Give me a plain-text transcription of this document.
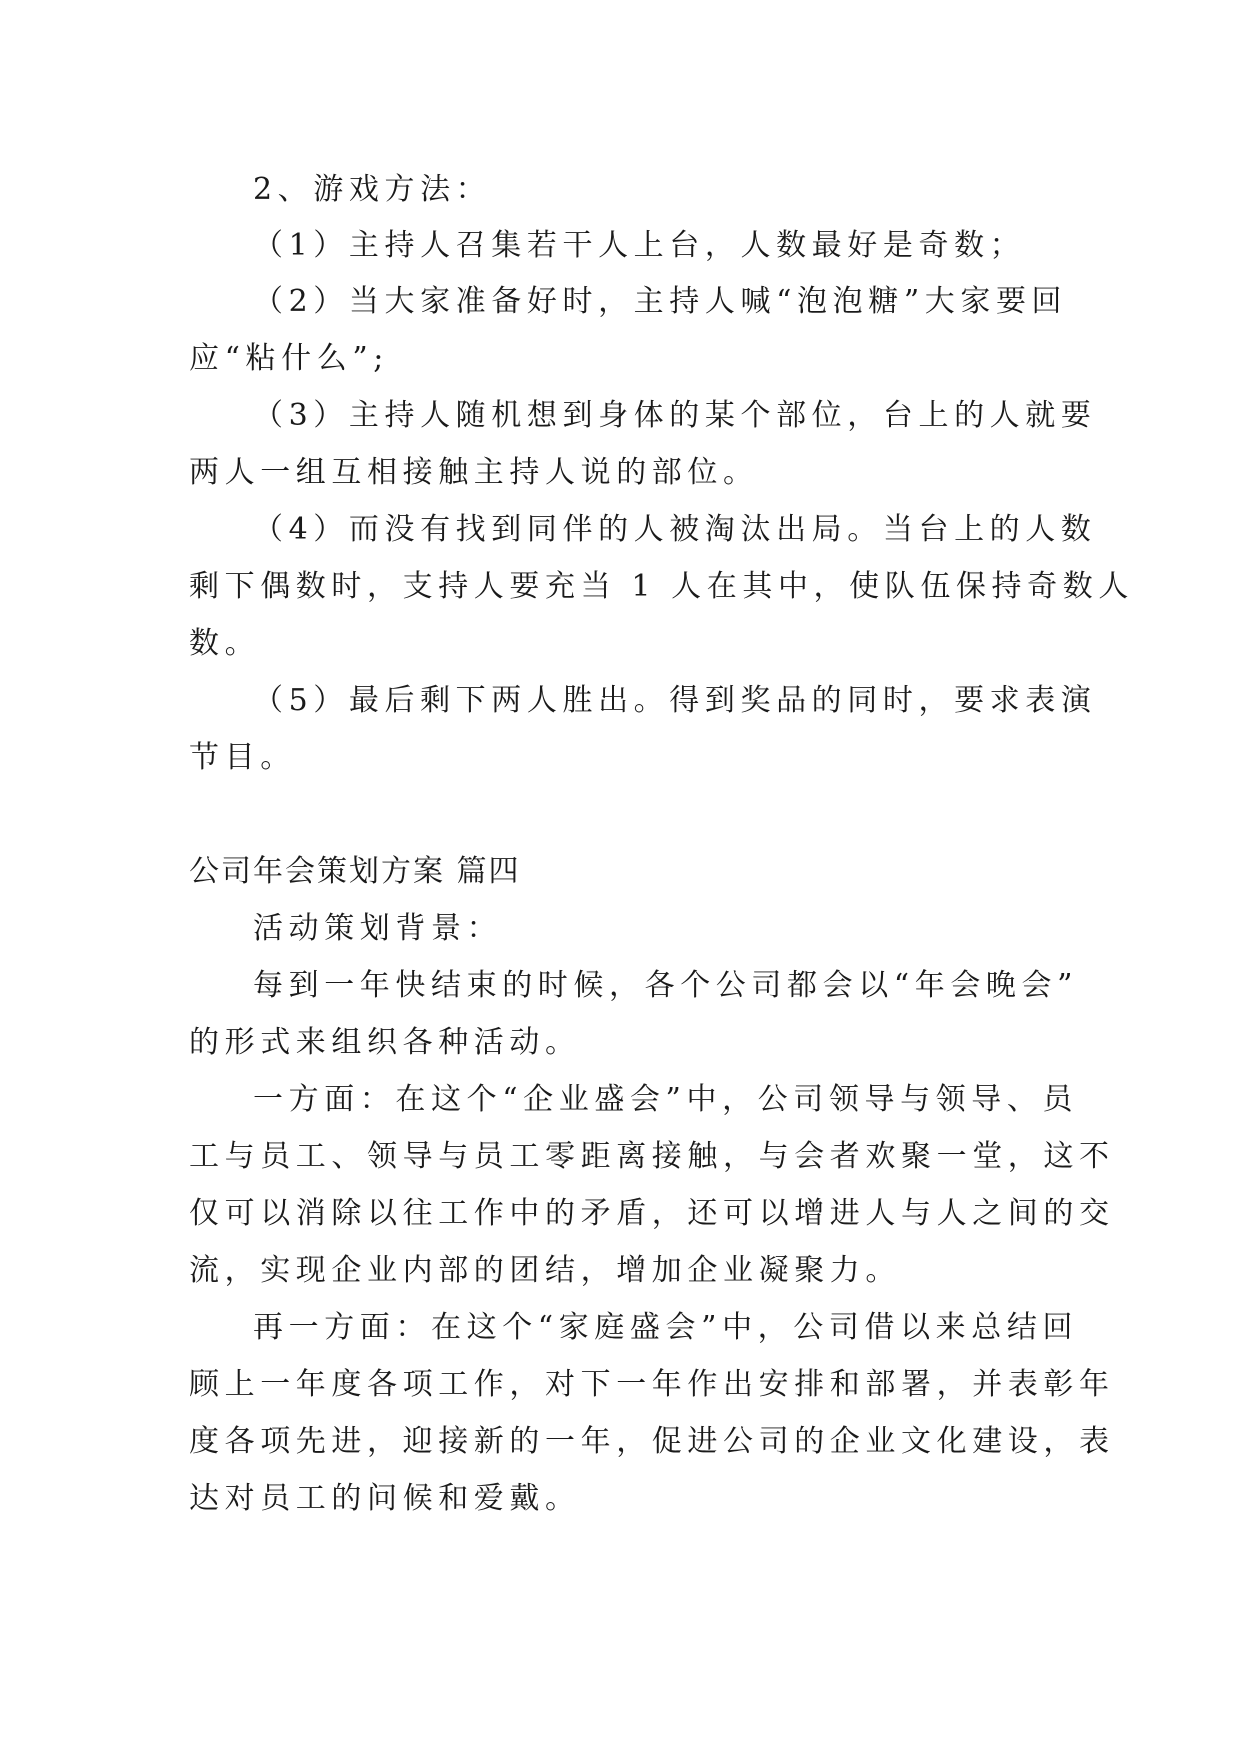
2、游戏方法：
（1）主持人召集若干人上台，人数最好是奇数；
（2）当大家准备好时，主持人喊“泡泡糖”大家要回
应“粘什么”;
（3）主持人随机想到身体的某个部位，台上的人就要
两人一组互相接触主持人说的部位。
（4）而没有找到同伴的人被淘汰出局。当台上的人数
剩下偶数时，支持人要充当 1 人在其中，使队伍保持奇数人
数。
（5）最后剩下两人胜出。得到奖品的同时，要求表演
节目。
公司年会策划方案 篇四
活动策划背景：
每到一年快结束的时候，各个公司都会以“年会晚会”
的形式来组织各种活动。
一方面：在这个“企业盛会”中，公司领导与领导、员
工与员工、领导与员工零距离接触，与会者欢聚一堂，这不
仅可以消除以往工作中的矛盾，还可以增进人与人之间的交
流，实现企业内部的团结，增加企业凝聚力。
再一方面：在这个“家庭盛会”中，公司借以来总结回
顾上一年度各项工作，对下一年作出安排和部署，并表彰年
度各项先进，迎接新的一年，促进公司的企业文化建设，表
达对员工的问候和爱戴。
